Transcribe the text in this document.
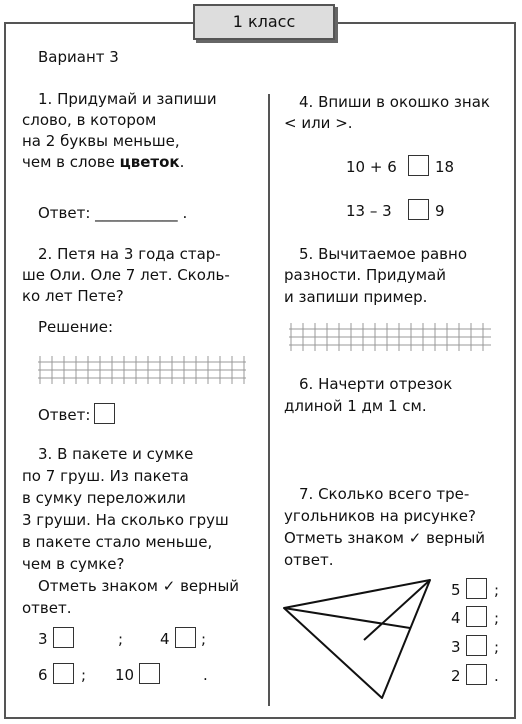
1 класс
Вариант 3
1. Придумай и запиши
слово, в котором
на 2 буквы меньше,
чем в слове цветок.
Ответ: ___________ .
2. Петя на 3 года стар-
ше Оли. Оле 7 лет. Сколь-
ко лет Пете?
Решение:
Ответ:
3. В пакете и сумке
по 7 груш. Из пакета
в сумку переложили
3 груши. На сколько груш
в пакете стало меньше,
чем в сумке?
Отметь знаком ✓ верный
ответ.
3	; 4 ;
6 ; 10	.
4. Впиши в окошко знак
< или >.
10 + 6	18
13 – 3	9
5. Вычитаемое равно
разности. Придумай
и запиши пример.
6. Начерти отрезок
длиной 1 дм 1 см.
7. Сколько всего тре-
угольников на рисунке?
Отметь знаком ✓ верный
ответ.
5 ;
4 ;
3 ;
2 .
